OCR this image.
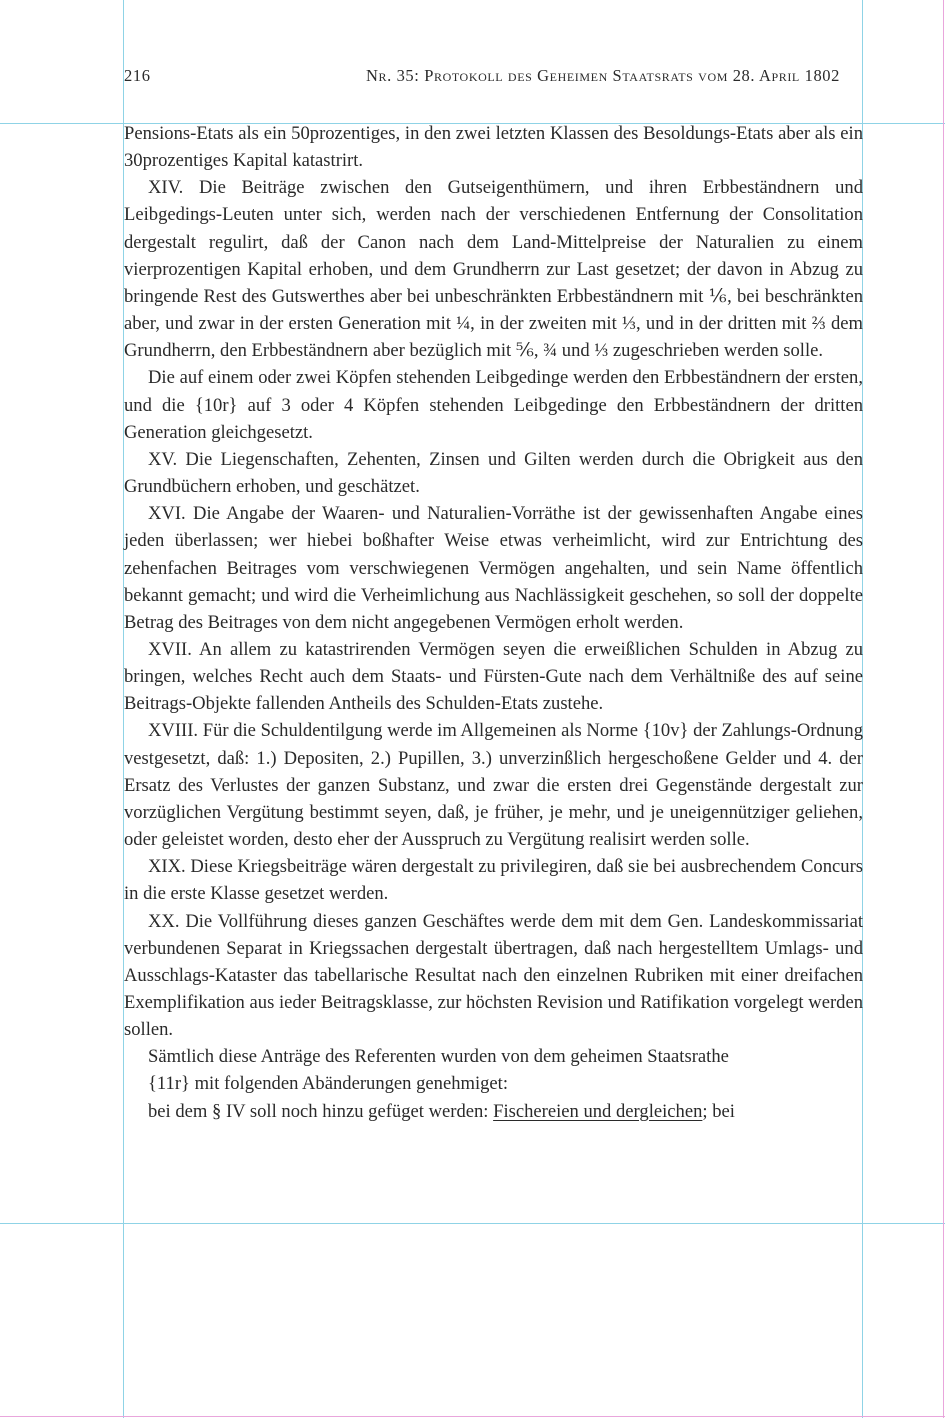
216	Nr. 35: Protokoll des Geheimen Staatsrats vom 28. April 1802

Pensions-Etats als ein 50prozentiges, in den zwei letzten Klassen des Besoldungs-Etats aber als ein 30prozentiges Kapital katastrirt.

XIV. Die Beiträge zwischen den Gutseigenthümern, und ihren Erbbeständnern und Leibgedings-Leuten unter sich, werden nach der verschiedenen Entfernung der Consolitation dergestalt regulirt, daß der Canon nach dem Land-Mittelpreise der Naturalien zu einem vierprozentigen Kapital erhoben, und dem Grundherrn zur Last gesetzet; der davon in Abzug zu bringende Rest des Gutswerthes aber bei unbeschränkten Erbbeständnern mit ⅙, bei beschränkten aber, und zwar in der ersten Generation mit ¼, in der zweiten mit ⅓, und in der dritten mit ⅔ dem Grundherrn, den Erbbeständnern aber bezüglich mit ⅚, ¾ und ⅓ zugeschrieben werden solle.

Die auf einem oder zwei Köpfen stehenden Leibgedinge werden den Erbbeständnern der ersten, und die {10r} auf 3 oder 4 Köpfen stehenden Leibgedinge den Erbbeständnern der dritten Generation gleichgesetzt.

XV. Die Liegenschaften, Zehenten, Zinsen und Gilten werden durch die Obrigkeit aus den Grundbüchern erhoben, und geschätzet.

XVI. Die Angabe der Waaren- und Naturalien-Vorräthe ist der gewissenhaften Angabe eines jeden überlassen; wer hiebei boßhafter Weise etwas verheimlicht, wird zur Entrichtung des zehenfachen Beitrages vom verschwiegenen Vermögen angehalten, und sein Name öffentlich bekannt gemacht; und wird die Verheimlichung aus Nachlässigkeit geschehen, so soll der doppelte Betrag des Beitrages von dem nicht angegebenen Vermögen erholt werden.

XVII. An allem zu katastrirenden Vermögen seyen die erweißlichen Schulden in Abzug zu bringen, welches Recht auch dem Staats- und Fürsten-Gute nach dem Verhältniße des auf seine Beitrags-Objekte fallenden Antheils des Schulden-Etats zustehe.

XVIII. Für die Schuldentilgung werde im Allgemeinen als Norme {10v} der Zahlungs-Ordnung vestgesetzt, daß: 1.) Depositen, 2.) Pupillen, 3.) unverzinßlich hergeschoßene Gelder und 4. der Ersatz des Verlustes der ganzen Substanz, und zwar die ersten drei Gegenstände dergestalt zur vorzüglichen Vergütung bestimmt seyen, daß, je früher, je mehr, und je uneigennütziger geliehen, oder geleistet worden, desto eher der Ausspruch zu Vergütung realisirt werden solle.

XIX. Diese Kriegsbeiträge wären dergestalt zu privilegiren, daß sie bei ausbrechendem Concurs in die erste Klasse gesetzet werden.

XX. Die Vollführung dieses ganzen Geschäftes werde dem mit dem Gen. Landeskommissariat verbundenen Separat in Kriegssachen dergestalt übertragen, daß nach hergestelltem Umlags- und Ausschlags-Kataster das tabellarische Resultat nach den einzelnen Rubriken mit einer dreifachen Exemplifikation aus ieder Beitragsklasse, zur höchsten Revision und Ratifikation vorgelegt werden sollen.

Sämtlich diese Anträge des Referenten wurden von dem geheimen Staatsrathe

{11r} mit folgenden Abänderungen genehmiget:

bei dem § IV soll noch hinzu gefüget werden: Fischereien und dergleichen; bei
